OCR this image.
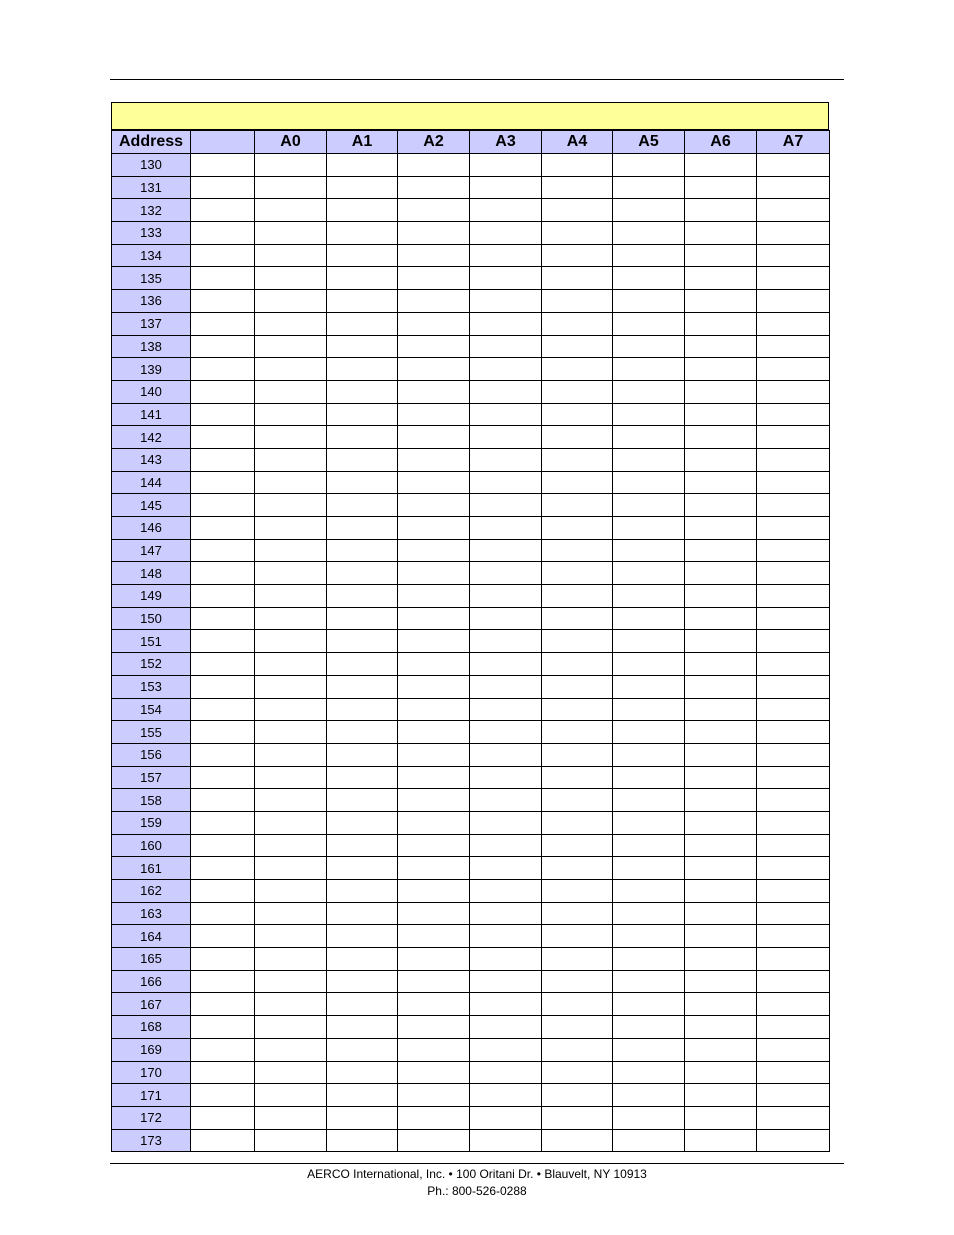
Address		A0	A1	A2	A3	A4	A5	A6	A7
130									
131									
132									
133									
134									
135									
136									
137									
138									
139									
140									
141									
142									
143									
144									
145									
146									
147									
148									
149									
150									
151									
152									
153									
154									
155									
156									
157									
158									
159									
160									
161									
162									
163									
164									
165									
166									
167									
168									
169									
170									
171									
172									
173									
AERCO International, Inc. • 100 Oritani Dr. • Blauvelt, NY 10913
Ph.: 800-526-0288
